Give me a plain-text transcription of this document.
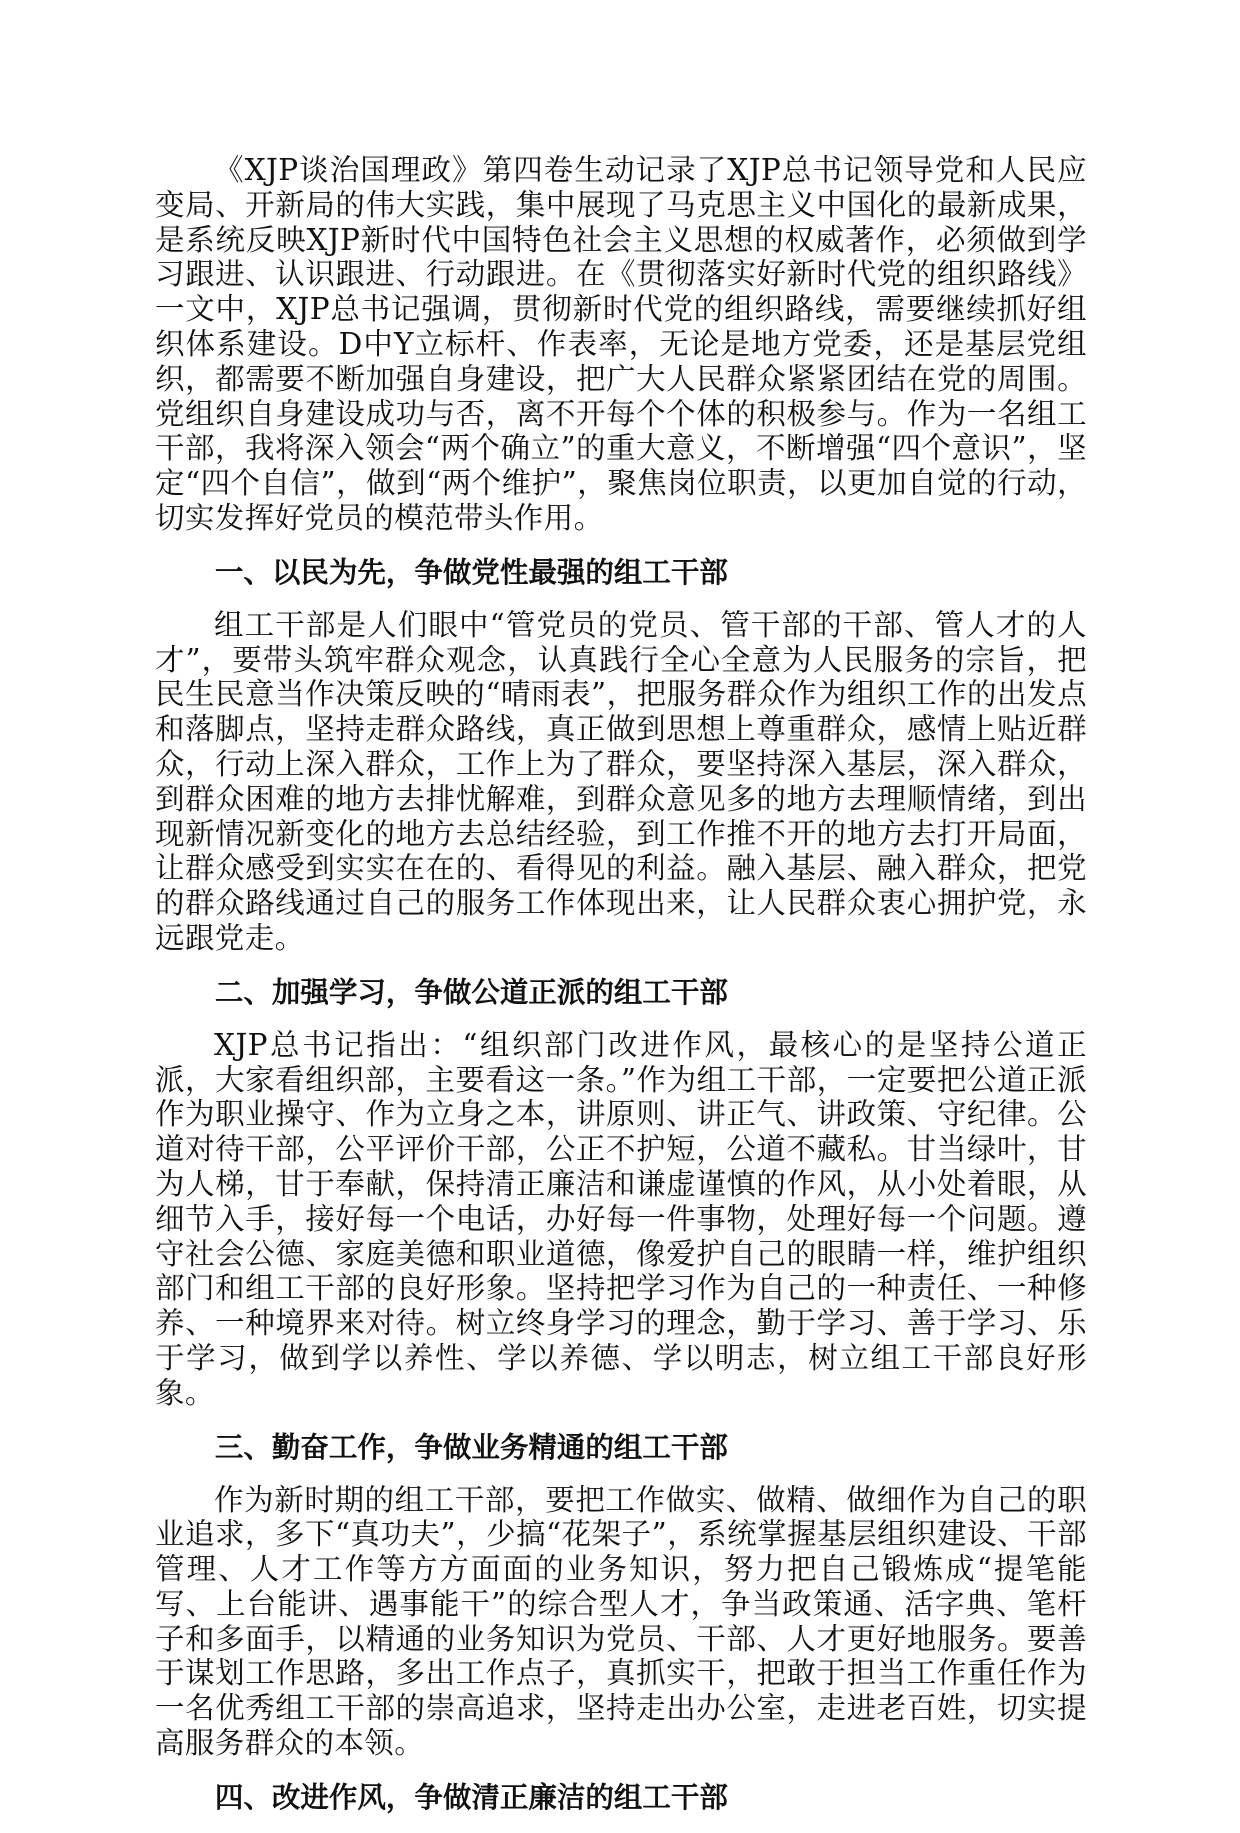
《XJP谈治国理政》第四卷生动记录了XJP总书记领导党和人民应变局、开新局的伟大实践，集中展现了马克思主义中国化的最新成果，是系统反映XJP新时代中国特色社会主义思想的权威著作，必须做到学习跟进、认识跟进、行动跟进。在《贯彻落实好新时代党的组织路线》一文中，XJP总书记强调，贯彻新时代党的组织路线，需要继续抓好组织体系建设。D中Y立标杆、作表率，无论是地方党委，还是基层党组织，都需要不断加强自身建设，把广大人民群众紧紧团结在党的周围。党组织自身建设成功与否，离不开每个个体的积极参与。作为一名组工干部，我将深入领会“两个确立”的重大意义，不断增强“四个意识”，坚定“四个自信”，做到“两个维护”，聚焦岗位职责，以更加自觉的行动，切实发挥好党员的模范带头作用。

一、以民为先，争做党性最强的组工干部

组工干部是人们眼中“管党员的党员、管干部的干部、管人才的人才”，要带头筑牢群众观念，认真践行全心全意为人民服务的宗旨，把民生民意当作决策反映的“晴雨表”，把服务群众作为组织工作的出发点和落脚点，坚持走群众路线，真正做到思想上尊重群众，感情上贴近群众，行动上深入群众，工作上为了群众，要坚持深入基层，深入群众，到群众困难的地方去排忧解难，到群众意见多的地方去理顺情绪，到出现新情况新变化的地方去总结经验，到工作推不开的地方去打开局面，让群众感受到实实在在的、看得见的利益。融入基层、融入群众，把党的群众路线通过自己的服务工作体现出来，让人民群众衷心拥护党，永远跟党走。

二、加强学习，争做公道正派的组工干部

XJP总书记指出：“组织部门改进作风，最核心的是坚持公道正派，大家看组织部，主要看这一条。”作为组工干部，一定要把公道正派作为职业操守、作为立身之本，讲原则、讲正气、讲政策、守纪律。公道对待干部，公平评价干部，公正不护短，公道不藏私。甘当绿叶，甘为人梯，甘于奉献，保持清正廉洁和谦虚谨慎的作风，从小处着眼，从细节入手，接好每一个电话，办好每一件事物，处理好每一个问题。遵守社会公德、家庭美德和职业道德，像爱护自己的眼睛一样，维护组织部门和组工干部的良好形象。坚持把学习作为自己的一种责任、一种修养、一种境界来对待。树立终身学习的理念，勤于学习、善于学习、乐于学习，做到学以养性、学以养德、学以明志，树立组工干部良好形象。

三、勤奋工作，争做业务精通的组工干部

作为新时期的组工干部，要把工作做实、做精、做细作为自己的职业追求，多下“真功夫”，少搞“花架子”，系统掌握基层组织建设、干部管理、人才工作等方方面面的业务知识，努力把自己锻炼成“提笔能写、上台能讲、遇事能干”的综合型人才，争当政策通、活字典、笔杆子和多面手，以精通的业务知识为党员、干部、人才更好地服务。要善于谋划工作思路，多出工作点子，真抓实干，把敢于担当工作重任作为一名优秀组工干部的崇高追求，坚持走出办公室，走进老百姓，切实提高服务群众的本领。

四、改进作风，争做清正廉洁的组工干部
